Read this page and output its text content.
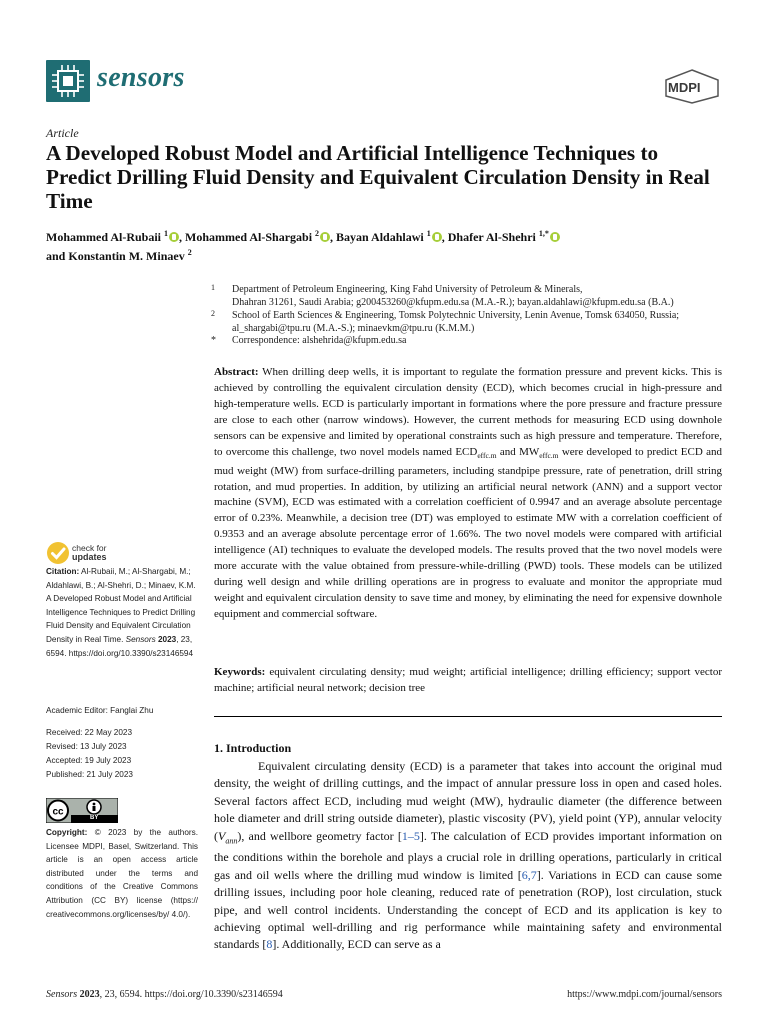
sensors	MDPI
Article
A Developed Robust Model and Artificial Intelligence Techniques to Predict Drilling Fluid Density and Equivalent Circulation Density in Real Time
Mohammed Al-Rubaii $^1$ , Mohammed Al-Shargabi $^2$ , Bayan Aldahlawi $^1$ , Dhafer Al-Shehri $^{1,*}$
and Konstantin M. Minaev $^2$
1 Department of Petroleum Engineering, King Fahd University of Petroleum & Minerals,
Dhahran 31261, Saudi Arabia; g200453260@kfupm.edu.sa (M.A.-R.); bayan.aldahlawi@kfupm.edu.sa (B.A.)
2 School of Earth Sciences & Engineering, Tomsk Polytechnic University, Lenin Avenue, Tomsk 634050, Russia;
al_shargabi@tpu.ru (M.A.-S.); minaevkm@tpu.ru (K.M.M.)
* Correspondence: alshehrida@kfupm.edu.sa
Abstract: When drilling deep wells, it is important to regulate the formation pressure and prevent kicks. This is achieved by controlling the equivalent circulation density (ECD), which becomes crucial in high-pressure and high-temperature wells. ECD is particularly important in formations where the pore pressure and fracture pressure are close to each other (narrow windows). However, the current methods for measuring ECD using downhole sensors can be expensive and limited by operational constraints such as high pressure and temperature. Therefore, to overcome this challenge, two novel models named $ECD_{effc.m}$ and $MW_{effc.m}$ were developed to predict ECD and mud weight (MW) from surface-drilling parameters, including standpipe pressure, rate of penetration, drill string rotation, and mud properties. In addition, by utilizing an artificial neural network (ANN) and a support vector machine (SVM), ECD was estimated with a correlation coefficient of 0.9947 and an average absolute percentage error of 0.23%. Meanwhile, a decision tree (DT) was employed to estimate MW with a correlation coefficient of 0.9353 and an average absolute percentage error of 1.66%. The two novel models were compared with artificial intelligence (AI) techniques to evaluate the developed models. The results proved that the two novel models were more accurate with the value obtained from pressure-while-drilling (PWD) tools. These models can be utilized during well design and while drilling operations are in progress to evaluate and monitor the appropriate mud weight and equivalent circulation density to save time and money, by eliminating the need for expensive downhole equipment and commercial software.
Keywords: equivalent circulating density; mud weight; artificial intelligence; drilling efficiency; support vector machine; artificial neural network; decision tree
1. Introduction
Equivalent circulating density (ECD) is a parameter that takes into account the original mud density, the weight of drilling cuttings, and the impact of annular pressure loss in open and cased holes. Several factors affect ECD, including mud weight (MW), hydraulic diameter (the difference between hole diameter and drill string outside diameter), plastic viscosity (PV), yield point (YP), annular velocity $(V_{ann})$, and wellbore geometry factor [1–5]. The calculation of ECD provides important information on the conditions within the borehole and plays a crucial role in drilling operations, particularly in critical gas and oil wells where the drilling mud window is limited [6,7]. Variations in ECD can cause some drilling issues, including poor hole cleaning, reduced rate of penetration (ROP), lost circulation, stuck pipe, and well control incidents. Understanding the concept of ECD and its application is key to achieving optimal well-drilling and rig performance while maintaining safety and environmental standards [8]. Additionally, ECD can serve as a
check for
updates
Citation: Al-Rubaii, M.; Al-Shargabi, M.; Aldahlawi, B.; Al-Shehri, D.; Minaev, K.M. A Developed Robust Model and Artificial Intelligence Techniques to Predict Drilling Fluid Density and Equivalent Circulation Density in Real Time. Sensors 2023, 23, 6594. https://doi.org/10.3390/s23146594
Academic Editor: Fanglai Zhu
Received: 22 May 2023
Revised: 13 July 2023
Accepted: 19 July 2023
Published: 21 July 2023
cc
BY
Copyright: © 2023 by the authors. Licensee MDPI, Basel, Switzerland. This article is an open access article distributed under the terms and conditions of the Creative Commons Attribution (CC BY) license (https:// creativecommons.org/licenses/by/ 4.0/).
Sensors 2023, 23, 6594. https://doi.org/10.3390/s23146594	https://www.mdpi.com/journal/sensors
